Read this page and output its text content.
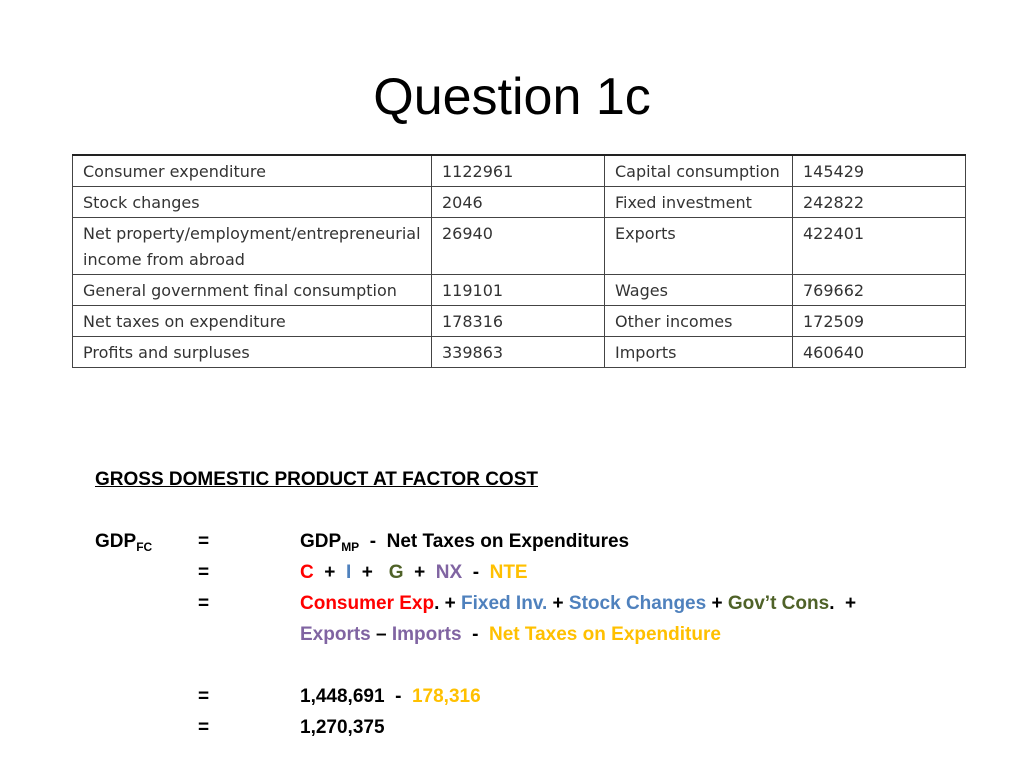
Question 1c
Consumer expenditure	1122961	Capital consumption	145429
Stock changes	2046	Fixed investment	242822
Net property/employment/entrepreneurial income from abroad	26940	Exports	422401
General government final consumption	119101	Wages	769662
Net taxes on expenditure	178316	Other incomes	172509
Profits and surpluses	339863	Imports	460640
GROSS DOMESTIC PRODUCT AT FACTOR COST
$GDP_{FC}$ =	$GDP_{MP}$  -  Net Taxes on Expenditures
=	C  +  I  +   G  +  NX  -  NTE
=	Consumer Exp. + Fixed Inv. + Stock Changes + Gov’t Cons.  +
Exports – Imports  -  Net Taxes on Expenditure
=	1,448,691  -  178,316
=	1,270,375
